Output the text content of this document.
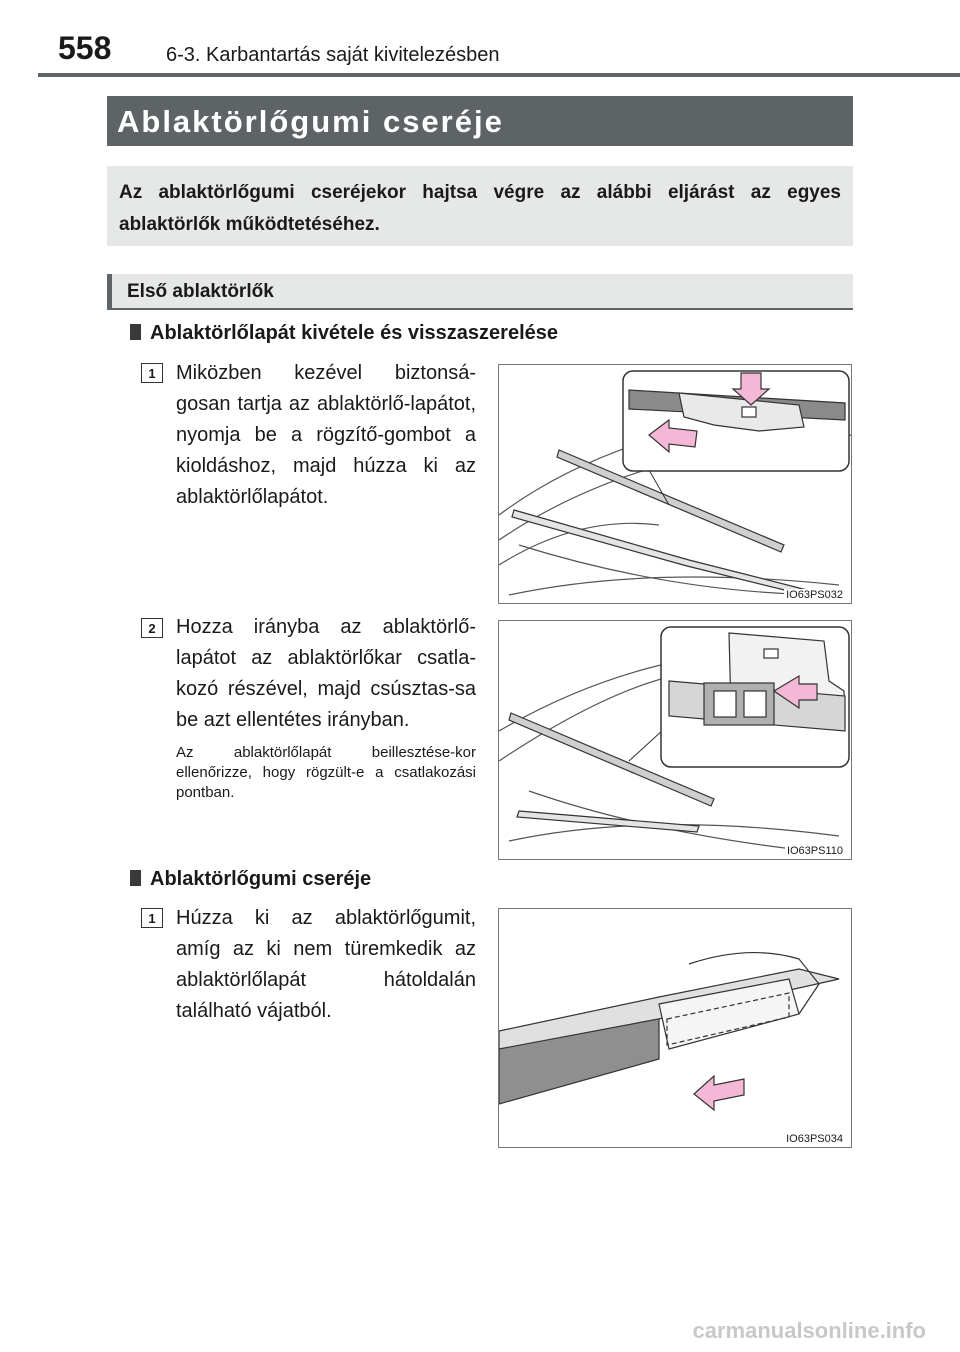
558	6-3. Karbantartás saját kivitelezésben
Ablaktörlőgumi cseréje

Az ablaktörlőgumi cseréjekor hajtsa végre az alábbi eljárást az egyes ablaktörlők működtetéséhez.

Első ablaktörlők
Ablaktörlőlapát kivétele és visszaszerelése
1	Miközben kezével biztonsá-gosan tartja az ablaktörlő-lapátot, nyomja be a rögzítő-gombot a kioldáshoz, majd húzza ki az ablaktörlőlapátot.
IO63PS032
2	Hozza irányba az ablaktörlő-lapátot az ablaktörlőkar csatla-kozó részével, majd csúsztas-sa be azt ellentétes irányban.
Az ablaktörlőlapát beillesztése-kor ellenőrizze, hogy rögzült-e a csatlakozási pontban.
IO63PS110
Ablaktörlőgumi cseréje
1	Húzza ki az ablaktörlőgumit, amíg az ki nem türemkedik az ablaktörlőlapát hátoldalán található vájatból.
IO63PS034
carmanualsonline.info
